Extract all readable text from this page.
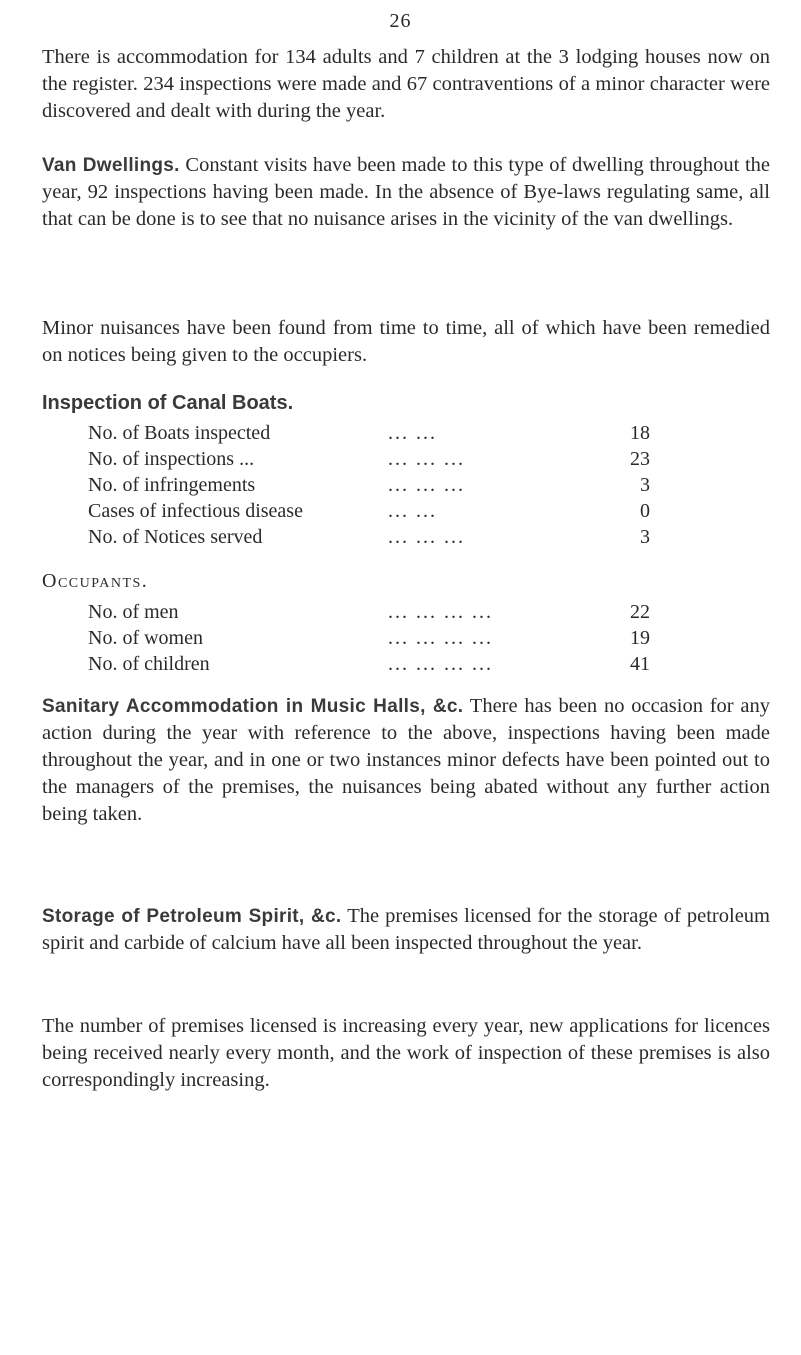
26

There is accommodation for 134 adults and 7 children at the 3 lodging houses now on the register. 234 inspections were made and 67 contraventions of a minor character were discovered and dealt with during the year.

Van Dwellings. Constant visits have been made to this type of dwelling throughout the year, 92 inspections having been made. In the absence of Bye-laws regulating same, all that can be done is to see that no nuisance arises in the vicinity of the van dwellings.

Minor nuisances have been found from time to time, all of which have been remedied on notices being given to the occupiers.

Inspection of Canal Boats.
No. of Boats inspected	... ...	18
No. of inspections ...	... ... ...	23
No. of infringements	... ... ...	3
Cases of infectious disease	... ...	0
No. of Notices served	... ... ...	3
Occupants.
No. of men	... ... ... ...	22
No. of women	... ... ... ...	19
No. of children	... ... ... ...	41

Sanitary Accommodation in Music Halls, &c. There has been no occasion for any action during the year with reference to the above, inspections having been made throughout the year, and in one or two instances minor defects have been pointed out to the managers of the premises, the nuisances being abated without any further action being taken.

Storage of Petroleum Spirit, &c. The premises licensed for the storage of petroleum spirit and carbide of calcium have all been inspected throughout the year.

The number of premises licensed is increasing every year, new applications for licences being received nearly every month, and the work of inspection of these premises is also correspondingly increasing.
